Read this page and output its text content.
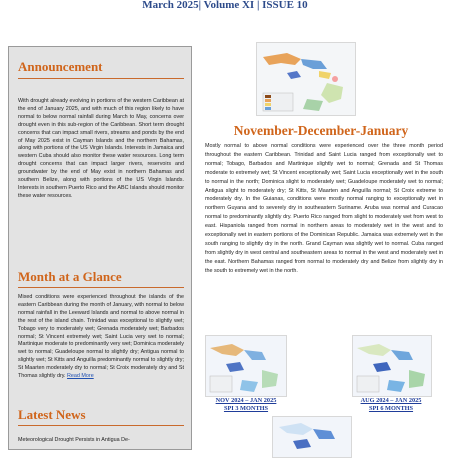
March 2025| Volume XI | ISSUE 10
Announcement
With drought already evolving in portions of the western Caribbean at the end of January 2025, and with much of this region likely to have normal to below normal rainfall during March to May, concerns over drought even in this sub-region of the Caribbean. Short term drought concerns that can impact small rivers, streams and ponds by the end of May 2025 exist in Cayman Islands and the northern Bahamas, along with portions of the US Virgin Islands. Interests in Jamaica and western Cuba should also monitor these water resources. Long term drought concerns that can impact larger rivers, reservoirs and groundwater by the end of May exist in northern Bahamas and southern Belize, along with portions of the US Virgin Islands. Interests in southern Puerto Rico and the ABC Islands should monitor these water resources.
Month at a Glance
Mixed conditions were experienced throughout the islands of the eastern Caribbean during the month of January, with normal to below normal rainfall in the Leeward Islands and normal to above normal in the rest of the island chain. Trinidad was exceptional to slightly wet; Tobago very to moderately wet; Grenada moderately wet; Barbados normal; St Vincent extremely wet; Saint Lucia very wet to normal; Martinique moderate to predominantly very wet; Dominica moderately wet to normal; Guadeloupe normal to slightly dry; Antigua normal to slightly wet; St Kitts and Anguilla predominantly normal to slightly dry; St Maarten moderately dry to normal; St Croix moderately dry and St Thomas slightly dry. Read More
Latest News
Meteorological Drought Persists in Antigua De-
November-December-January
Mostly normal to above normal conditions were experienced over the three month period throughout the eastern Caribbean. Trinidad and Saint Lucia ranged from exceptionally wet to normal; Tobago, Barbados and Martinique slightly wet to normal; Grenada and St Thomas moderate to extremely wet; St Vincent exceptionally wet; Saint Lucia exceptionally wet in the south to normal in the north; Dominica slight to moderately wet; Guadeloupe moderately wet to normal; Antigua slight to moderately dry; St Kitts, St Maarten and Anguilla normal; St Croix extreme to moderately dry. In the Guianas, conditions were mostly normal ranging to exceptionally wet in northern Guyana and to severely dry in southeastern Suriname. Aruba was normal and Curacao normal to predominantly slightly dry. Puerto Rico ranged from slight to moderately wet from west to east. Hispaniola ranged from normal in northern areas to moderately wet in the west and to exceptionally wet in eastern portions of the Dominican Republic. Jamaica was extremely wet in the south ranging to slightly dry in the north. Grand Cayman was slightly wet to normal. Cuba ranged from slightly dry in west central and southeastern areas to normal in the west and moderately wet in the east. Northern Bahamas ranged from normal to moderately dry and Belize from slightly dry in the south to extremely wet in the north.
NOV 2024 – JAN 2025
SPI 3 MONTHS
AUG 2024 – JAN 2025
SPI 6 MONTHS
